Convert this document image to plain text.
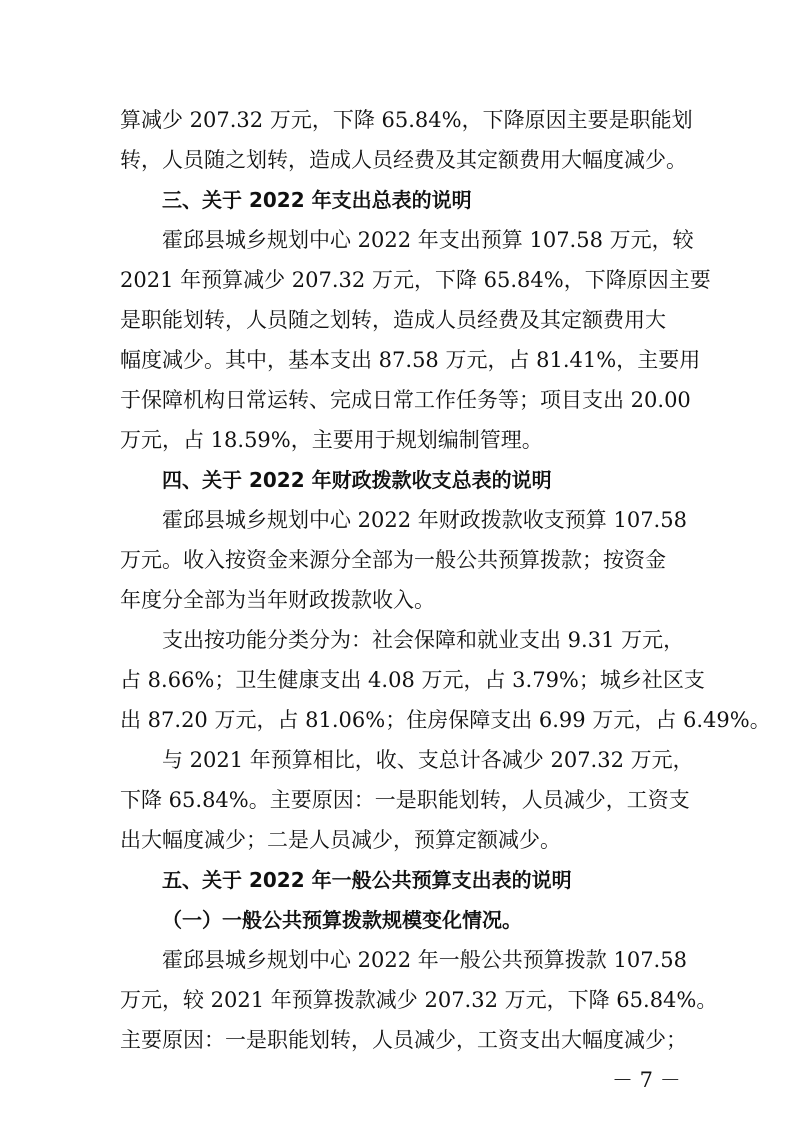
算减少 207.32 万元，下降 65.84%，下降原因主要是职能划
转，人员随之划转，造成人员经费及其定额费用大幅度减少。
三、关于 2022 年支出总表的说明
霍邱县城乡规划中心 2022 年支出预算 107.58 万元，较
2021 年预算减少 207.32 万元，下降 65.84%，下降原因主要
是职能划转，人员随之划转，造成人员经费及其定额费用大
幅度减少。其中，基本支出 87.58 万元，占 81.41%，主要用
于保障机构日常运转、完成日常工作任务等；项目支出 20.00
万元，占 18.59%，主要用于规划编制管理。
四、关于 2022 年财政拨款收支总表的说明
霍邱县城乡规划中心 2022 年财政拨款收支预算 107.58
万元。收入按资金来源分全部为一般公共预算拨款；按资金
年度分全部为当年财政拨款收入。
支出按功能分类分为：社会保障和就业支出 9.31 万元，
占 8.66%；卫生健康支出 4.08 万元，占 3.79%；城乡社区支
出 87.20 万元，占 81.06%；住房保障支出 6.99 万元，占 6.49%。
与 2021 年预算相比，收、支总计各减少 207.32 万元，
下降 65.84%。主要原因：一是职能划转，人员减少，工资支
出大幅度减少；二是人员减少，预算定额减少。
五、关于 2022 年一般公共预算支出表的说明
（一）一般公共预算拨款规模变化情况。
霍邱县城乡规划中心 2022 年一般公共预算拨款 107.58
万元，较 2021 年预算拨款减少 207.32 万元，下降 65.84%。
主要原因：一是职能划转，人员减少，工资支出大幅度减少；
－ 7 －
